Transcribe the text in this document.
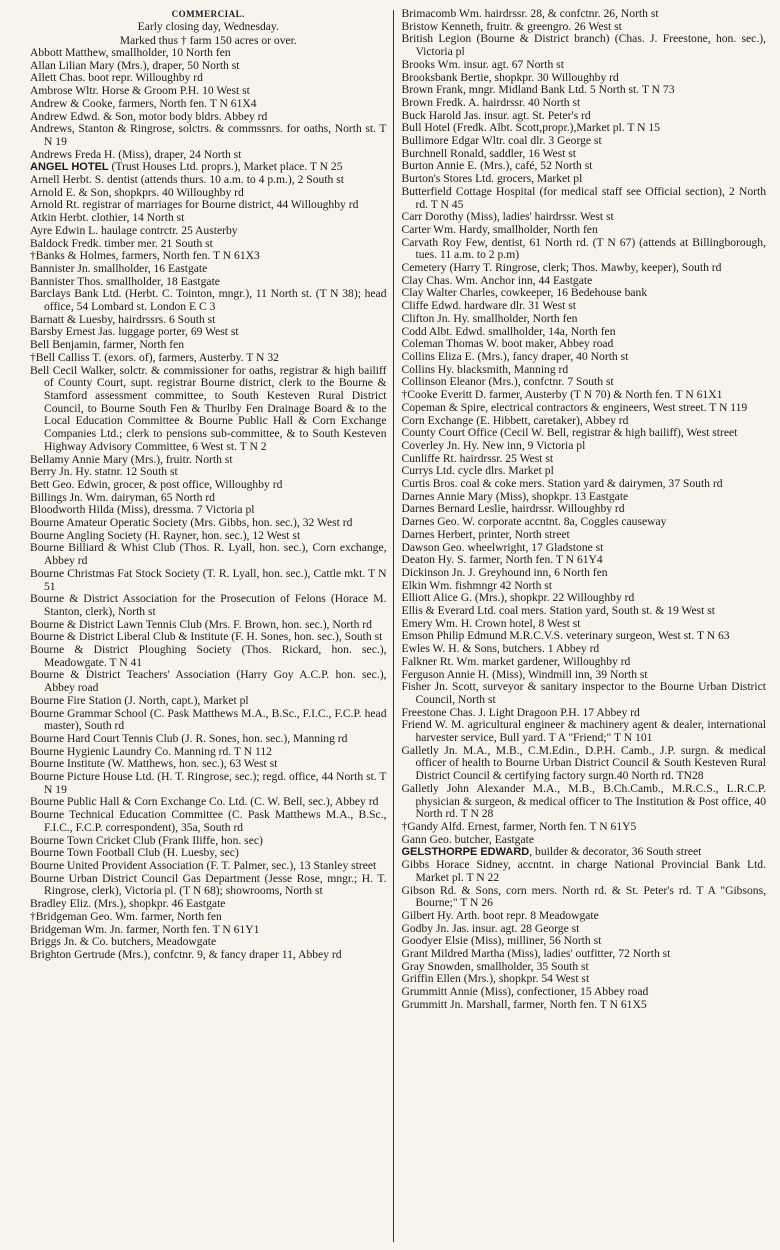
COMMERCIAL.
Early closing day, Wednesday.
Marked thus † farm 150 acres or over.
Abbott Matthew, smallholder, 10 North fen
Allan Lilian Mary (Mrs.), draper, 50 North st
Allett Chas. boot repr. Willoughby rd
Ambrose Wltr. Horse & Groom P.H. 10 West st
Andrew & Cooke, farmers, North fen. T N 61X4
Andrew Edwd. & Son, motor body bldrs. Abbey rd
Andrews, Stanton & Ringrose, solctrs. & commssnrs. for oaths, North st. T N 19
Andrews Freda H. (Miss), draper, 24 North st
ANGEL HOTEL (Trust Houses Ltd. proprs.), Market place. T N 25
Arnell Herbt. S. dentist (attends thurs. 10 a.m. to 4 p.m.), 2 South st
Arnold E. & Son, shopkprs. 40 Willoughby rd
Arnold Rt. registrar of marriages for Bourne district, 44 Willoughby rd
Atkin Herbt. clothier, 14 North st
Ayre Edwin L. haulage contrctr. 25 Austerby
Baldock Fredk. timber mer. 21 South st
†Banks & Holmes, farmers, North fen. T N 61X3
Bannister Jn. smallholder, 16 Eastgate
Bannister Thos. smallholder, 18 Eastgate
Barclays Bank Ltd. (Herbt. C. Tointon, mngr.), 11 North st. (T N 38); head office, 54 Lombard st. London E C 3
Barnatt & Luesby, hairdrssrs. 6 South st
Barsby Ernest Jas. luggage porter, 69 West st
Bell Benjamin, farmer, North fen
†Bell Calliss T. (exors. of), farmers, Austerby. T N 32
Bell Cecil Walker, solctr. & commissioner for oaths, registrar & high bailiff of County Court, supt. registrar Bourne district, clerk to the Bourne & Stamford assessment committee, to South Kesteven Rural District Council, to Bourne South Fen & Thurlby Fen Drainage Board & to the Local Education Committee & Bourne Public Hall & Corn Exchange Companies Ltd.; clerk to pensions sub-committee, & to South Kesteven Highway Advisory Committee, 6 West st. T N 2
Bellamy Annie Mary (Mrs.), fruitr. North st
Berry Jn. Hy. statnr. 12 South st
Bett Geo. Edwin, grocer, & post office, Willoughby rd
Billings Jn. Wm. dairyman, 65 North rd
Bloodworth Hilda (Miss), dressma. 7 Victoria pl
Bourne Amateur Operatic Society (Mrs. Gibbs, hon. sec.), 32 West rd
Bourne Angling Society (H. Rayner, hon. sec.), 12 West st
Bourne Billiard & Whist Club (Thos. R. Lyall, hon. sec.), Corn exchange, Abbey rd
Bourne Christmas Fat Stock Society (T. R. Lyall, hon. sec.), Cattle mkt. T N 51
Bourne & District Association for the Prosecution of Felons (Horace M. Stanton, clerk), North st
Bourne & District Lawn Tennis Club (Mrs. F. Brown, hon. sec.), North rd
Bourne & District Liberal Club & Institute (F. H. Sones, hon. sec.), South st
Bourne & District Ploughing Society (Thos. Rickard, hon. sec.), Meadowgate. T N 41
Bourne & District Teachers' Association (Harry Goy A.C.P. hon. sec.), Abbey road
Bourne Fire Station (J. North, capt.), Market pl
Bourne Grammar School (C. Pask Matthews M.A., B.Sc., F.I.C., F.C.P. head master), South rd
Bourne Hard Court Tennis Club (J. R. Sones, hon. sec.), Manning rd
Bourne Hygienic Laundry Co. Manning rd. T N 112
Bourne Institute (W. Matthews, hon. sec.), 63 West st
Bourne Picture House Ltd. (H. T. Ringrose, sec.); regd. office, 44 North st. T N 19
Bourne Public Hall & Corn Exchange Co. Ltd. (C. W. Bell, sec.), Abbey rd
Bourne Technical Education Committee (C. Pask Matthews M.A., B.Sc., F.I.C., F.C.P. correspondent), 35a, South rd
Bourne Town Cricket Club (Frank Iliffe, hon. sec)
Bourne Town Football Club (H. Luesby, sec)
Bourne United Provident Association (F. T. Palmer, sec.), 13 Stanley street
Bourne Urban District Council Gas Department (Jesse Rose, mngr.; H. T. Ringrose, clerk), Victoria pl. (T N 68); showrooms, North st
Bradley Eliz. (Mrs.), shopkpr. 46 Eastgate
†Bridgeman Geo. Wm. farmer, North fen
Bridgeman Wm. Jn. farmer, North fen. T N 61Y1
Briggs Jn. & Co. butchers, Meadowgate
Brighton Gertrude (Mrs.), confctnr. 9, & fancy draper 11, Abbey rd
Brimacomb Wm. hairdrssr. 28, & confctnr. 26, North st
Bristow Kenneth, fruitr. & greengro. 26 West st
British Legion (Bourne & District branch) (Chas. J. Freestone, hon. sec.), Victoria pl
Brooks Wm. insur. agt. 67 North st
Brooksbank Bertie, shopkpr. 30 Willoughby rd
Brown Frank, mngr. Midland Bank Ltd. 5 North st. T N 73
Brown Fredk. A. hairdrssr. 40 North st
Buck Harold Jas. insur. agt. St. Peter's rd
Bull Hotel (Fredk. Albt. Scott,propr.),Market pl. T N 15
Bullimore Edgar Wltr. coal dlr. 3 George st
Burchnell Ronald, saddler, 16 West st
Burton Annie E. (Mrs.), café, 52 North st
Burton's Stores Ltd. grocers, Market pl
Butterfield Cottage Hospital (for medical staff see Official section), 2 North rd. T N 45
Carr Dorothy (Miss), ladies' hairdrssr. West st
Carter Wm. Hardy, smallholder, North fen
Carvath Roy Few, dentist, 61 North rd. (T N 67) (attends at Billingborough, tues. 11 a.m. to 2 p.m)
Cemetery (Harry T. Ringrose, clerk; Thos. Mawby, keeper), South rd
Clay Chas. Wm. Anchor inn, 44 Eastgate
Clay Walter Charles, cowkeeper, 16 Bedehouse bank
Cliffe Edwd. hardware dlr. 31 West st
Clifton Jn. Hy. smallholder, North fen
Codd Albt. Edwd. smallholder, 14a, North fen
Coleman Thomas W. boot maker, Abbey road
Collins Eliza E. (Mrs.), fancy draper, 40 North st
Collins Hy. blacksmith, Manning rd
Collinson Eleanor (Mrs.), confctnr. 7 South st
†Cooke Everitt D. farmer, Austerby (T N 70) & North fen. T N 61X1
Copeman & Spire, electrical contractors & engineers, West street. T N 119
Corn Exchange (E. Hibbett, caretaker), Abbey rd
County Court Office (Cecil W. Bell, registrar & high bailiff), West street
Coverley Jn. Hy. New inn, 9 Victoria pl
Cunliffe Rt. hairdrssr. 25 West st
Currys Ltd. cycle dlrs. Market pl
Curtis Bros. coal & coke mers. Station yard & dairymen, 37 South rd
Darnes Annie Mary (Miss), shopkpr. 13 Eastgate
Darnes Bernard Leslie, hairdrssr. Willoughby rd
Darnes Geo. W. corporate accntnt. 8a, Coggles causeway
Darnes Herbert, printer, North street
Dawson Geo. wheelwright, 17 Gladstone st
Deaton Hy. S. farmer, North fen. T N 61Y4
Dickinson Jn. J. Greyhound inn, 6 North fen
Elkin Wm. fishmngr 42 North st
Elliott Alice G. (Mrs.), shopkpr. 22 Willoughby rd
Ellis & Everard Ltd. coal mers. Station yard, South st. & 19 West st
Emery Wm. H. Crown hotel, 8 West st
Emson Philip Edmund M.R.C.V.S. veterinary surgeon, West st. T N 63
Ewles W. H. & Sons, butchers. 1 Abbey rd
Falkner Rt. Wm. market gardener, Willoughby rd
Ferguson Annie H. (Miss), Windmill inn, 39 North st
Fisher Jn. Scott, surveyor & sanitary inspector to the Bourne Urban District Council, North st
Freestone Chas. J. Light Dragoon P.H. 17 Abbey rd
Friend W. M. agricultural engineer & machinery agent & dealer, international harvester service, Bull yard. T A "Friend;" T N 101
Galletly Jn. M.A., M.B., C.M.Edin., D.P.H. Camb., J.P. surgn. & medical officer of health to Bourne Urban District Council & South Kesteven Rural District Council & certifying factory surgn.40 North rd. TN28
Galletly John Alexander M.A., M.B., B.Ch.Camb., M.R.C.S., L.R.C.P. physician & surgeon, & medical officer to The Institution & Post office, 40 North rd. T N 28
†Gandy Alfd. Ernest, farmer, North fen. T N 61Y5
Gann Geo. butcher, Eastgate
GELSTHORPE EDWARD, builder & decorator, 36 South street
Gibbs Horace Sidney, accntnt. in charge National Provincial Bank Ltd. Market pl. T N 22
Gibson Rd. & Sons, corn mers. North rd. & St. Peter's rd. T A "Gibsons, Bourne;" T N 26
Gilbert Hy. Arth. boot repr. 8 Meadowgate
Godby Jn. Jas. insur. agt. 28 George st
Goodyer Elsie (Miss), milliner, 56 North st
Grant Mildred Martha (Miss), ladies' outfitter, 72 North st
Gray Snowden, smallholder, 35 South st
Griffin Ellen (Mrs.), shopkpr. 54 West st
Grummitt Annie (Miss), confectioner, 15 Abbey road
Grummitt Jn. Marshall, farmer, North fen. T N 61X5
